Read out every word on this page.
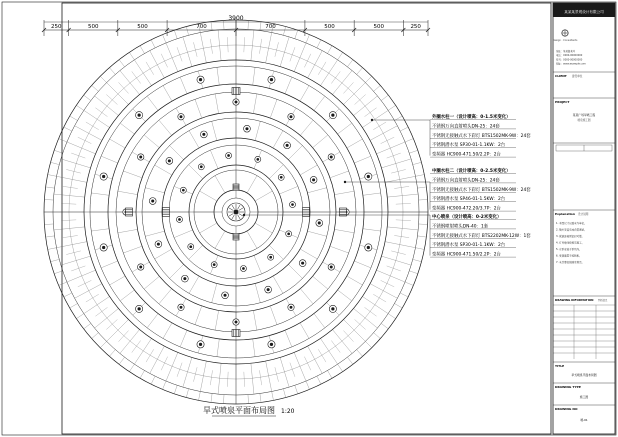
3900
250	500	500	700	700	500	500	250
外圈水柱一（设计喷高：0-1.5米变化）
不锈钢万向直射喷头DN-25：24套
不锈钢无接触式水下彩灯 BTS1502MK-9W：24套
不锈钢潜水泵 SP30-01-1.1KW：2台
变频器 HC900-471.50/2.2P：2台
中圈水柱二（设计喷高：0-2.5米变化）
不锈钢万向直射喷头DN-25：24套
不锈钢无接触式水下彩灯 BTS1502MK-9W：24套
不锈钢潜水泵 SP46-01-1.5KW：2台
变频器 HC900-472.20/3.7P：2台
中心喷泉（设计喷高：0-2米变化）
不锈钢喷射喷头DN-40：1套
不锈钢无接触式水下彩灯 BTS2202MK-12W：1套
不锈钢潜水泵 SP30-01-1.1KW：2台
变频器 HC900-471.50/2.2P：2台
旱式喷泉平面布局图 1:20
某某某景观设计有限公司
Design · Consultants
地址：某某路某号
电话：0000-00000000
传真：0000-00000000
网址：www.example.com
CLIENT	建设单位
PROJECT
某某广场旱喷工程
喷泉施工图
Explanation 设计说明
1. 本图尺寸以毫米为单位。
2. 喷头安装完成后需调试。
3. 管道连接须密封可靠。
4. 灯具接线按规范施工。
5. 水泵安装于泵坑内。
6. 变频器置于控制柜。
7. 未尽事宜按国家规范。
DRAWING INFORMATION 图纸信息
TITLE
旱式喷泉平面布局图
DRAWING TYPE
施工图
DRAWING NO
喷-01
